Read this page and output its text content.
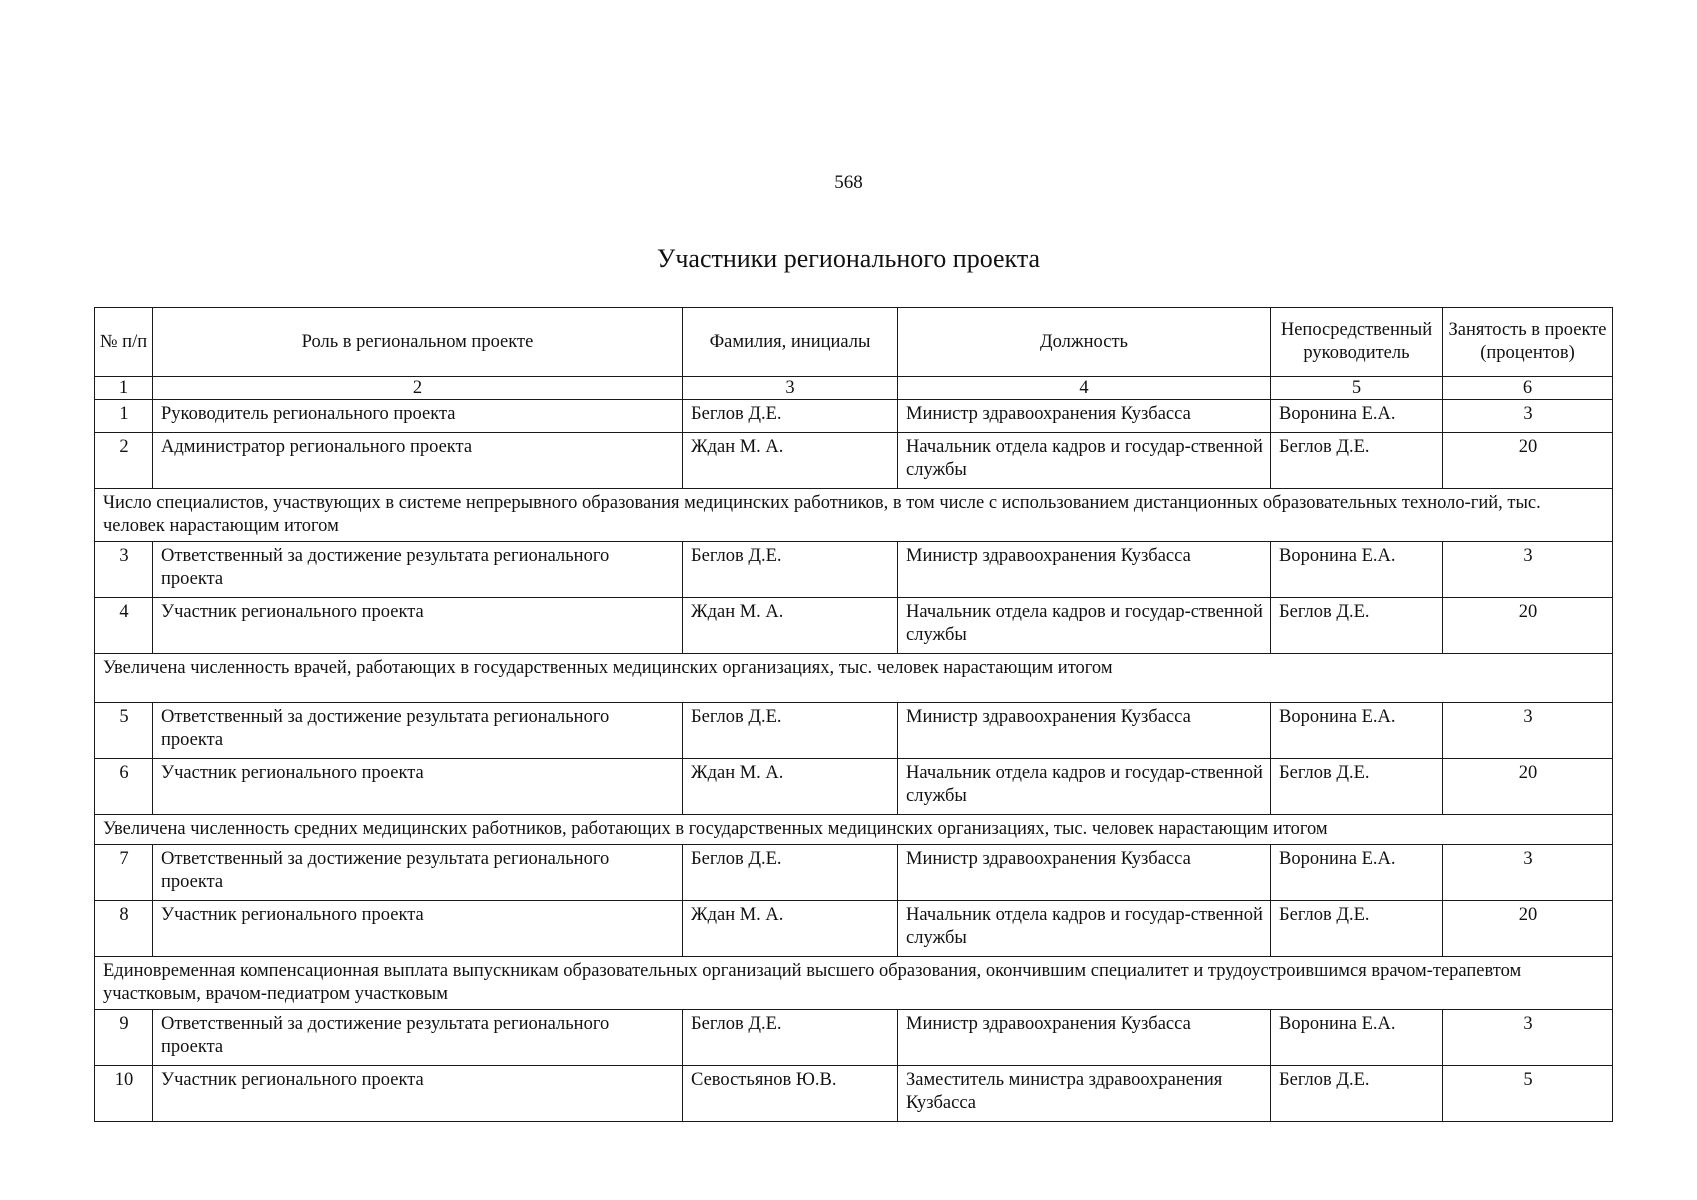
568
Участники регионального проекта
№ п/п	Роль в региональном проекте	Фамилия, инициалы	Должность	Непосредственный руководитель	Занятость в проекте (процентов)
1	2	3	4	5	6
1	Руководитель регионального проекта	Беглов Д.Е.	Министр здравоохранения Кузбасса	Воронина Е.А.	3
2	Администратор регионального проекта	Ждан М. А.	Начальник отдела кадров и государ-ственной службы	Беглов Д.Е.	20
Число специалистов, участвующих в системе непрерывного образования медицинских работников, в том числе с использованием дистанционных образовательных техноло-гий, тыс. человек нарастающим итогом					
3	Ответственный за достижение результата регионального проекта	Беглов Д.Е.	Министр здравоохранения Кузбасса	Воронина Е.А.	3
4	Участник регионального проекта	Ждан М. А.	Начальник отдела кадров и государ-ственной службы	Беглов Д.Е.	20
Увеличена численность врачей, работающих в государственных медицинских организациях, тыс. человек нарастающим итогом					
5	Ответственный за достижение результата регионального проекта	Беглов Д.Е.	Министр здравоохранения Кузбасса	Воронина Е.А.	3
6	Участник регионального проекта	Ждан М. А.	Начальник отдела кадров и государ-ственной службы	Беглов Д.Е.	20
Увеличена численность средних медицинских работников, работающих в государственных медицинских организациях, тыс. человек нарастающим итогом					
7	Ответственный за достижение результата регионального проекта	Беглов Д.Е.	Министр здравоохранения Кузбасса	Воронина Е.А.	3
8	Участник регионального проекта	Ждан М. А.	Начальник отдела кадров и государ-ственной службы	Беглов Д.Е.	20
Единовременная компенсационная выплата выпускникам образовательных организаций высшего образования, окончившим специалитет и трудоустроившимся врачом-терапевтом участковым, врачом-педиатром участковым					
9	Ответственный за достижение результата регионального проекта	Беглов Д.Е.	Министр здравоохранения Кузбасса	Воронина Е.А.	3
10	Участник регионального проекта	Севостьянов Ю.В.	Заместитель министра здравоохранения Кузбасса	Беглов Д.Е.	5
